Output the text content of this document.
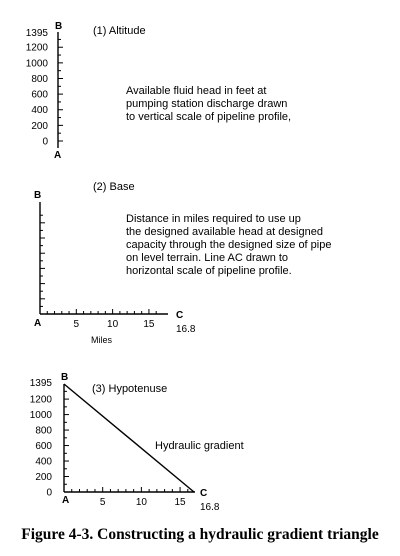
B	(1) Altitude
1395
0
200
400
600
800
1000
1200
A
Available fluid head in feet at
pumping station discharge drawn
to vertical scale of pipeline profile,
B
(2) Base
5	10	15
A
C
16.8
Miles
Distance in miles required to use up
the designed available head at designed
capacity through the designed size of pipe
on level terrain. Line AC drawn to
horizontal scale of pipeline profile.
B
(3) Hypotenuse
1395
0
200
400
600
800
1000
1200
5	10	15
Hydraulic gradient
A
C
16.8

Figure 4-3. Constructing a hydraulic gradient triangle
